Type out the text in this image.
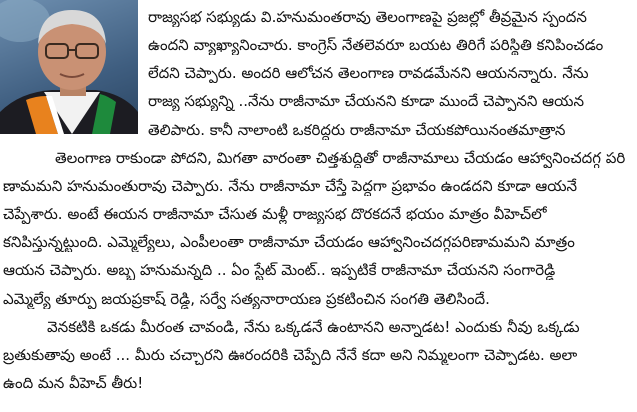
రాజ్యసభ సభ్యుడు వి.హనుమంతరావు తెలంగాణపై ప్రజల్లో తీవ్రమైన స్పందన
ఉందని వ్యాఖ్యానించారు. కాంగ్రెస్ నేతలెవరూ బయట తిరిగే పరిస్థితి కనిపించడం
లేదని చెప్పారు. అందరి ఆలోచన తెలంగాణ రావడమేనని ఆయనన్నారు. నేను
రాజ్య సభ్యున్ని ..నేను రాజీనామా చేయనని కూడా ముందే చెప్పానని ఆయన
తెలిపారు. కానీ నాలాంటి ఒకరిద్దరు రాజీనామా చేయకపోయినంతమాత్రాన
తెలంగాణ రాకుండా పోదని, మిగతా వారంతా చిత్తశుద్ధితో రాజీనామాలు చేయడం ఆహ్వానించదగ్గ పరి
ణామమని హనుమంతురావు చెప్పారు. నేను రాజీనామా చేస్తే పెద్దగా ప్రభావం ఉండదని కూడా ఆయనే
చెప్పేశారు. అంటే ఈయన రాజీనామా చేసుత మళ్లీ రాజ్యసభ దొరకదనే భయం మాత్రం వీహెచ్‌లో
కనిపిస్తున్నట్టుంది. ఎమ్మెల్యేలు, ఎంపీలంతా రాజీనామా చేయడం ఆహ్వానించదగ్గపరిణామమని మాత్రం
ఆయన చెప్పారు. అబ్బ హనుమన్నది .. ఏం స్టేట్ మెంట్.. ఇప్పటికే రాజీనామా చేయనని సంగారెడ్డి
ఎమ్మెల్యే తూర్పు జయప్రకాష్ రెడ్డి, సర్వే సత్యనారాయణ ప్రకటించిన సంగతి తెలిసిందే.
వెనకటికి ఒకడు మీరంత చావండి, నేను ఒక్కడనే ఉంటానని అన్నాడట! ఎందుకు నీవు ఒక్కడు
బ్రతుకుతావు అంటే ... మీరు చచ్చారని ఊరందరికి చెప్పేది నేనే కదా అని నిమ్మలంగా చెప్పాడట. అలా
ఉంది మన వీహెచ్ తీరు!
